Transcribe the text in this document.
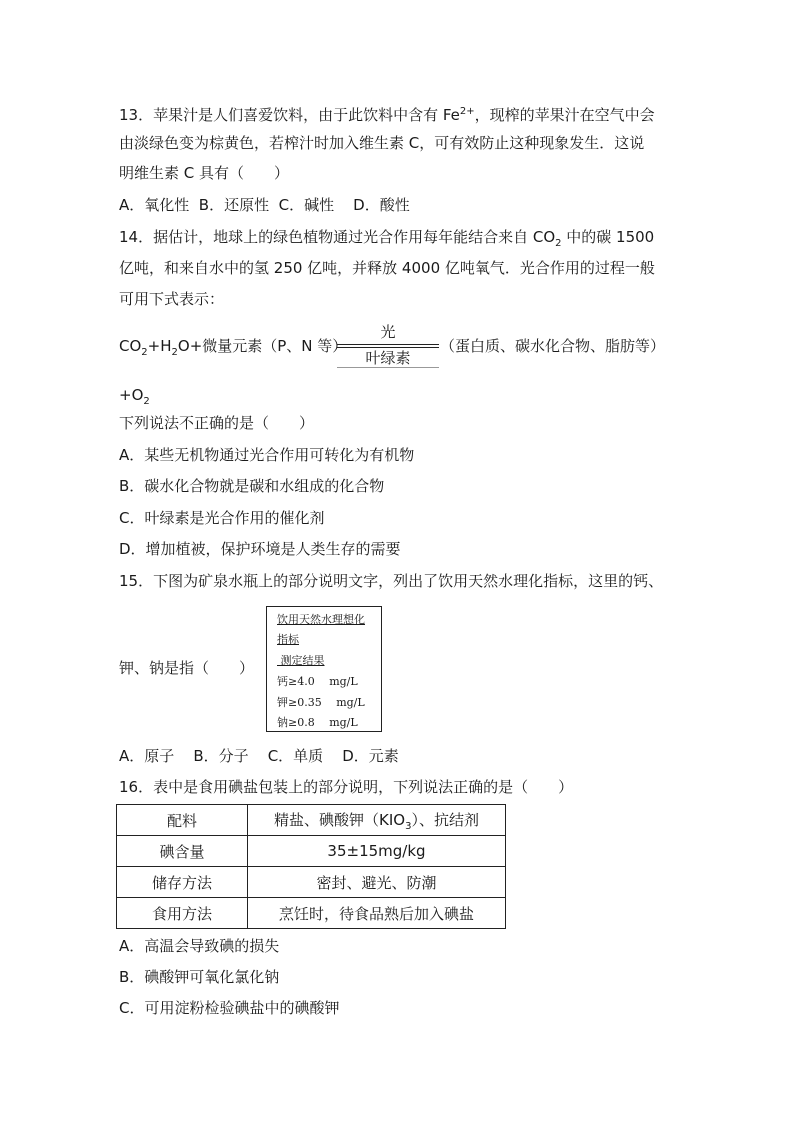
13．苹果汁是人们喜爱饮料，由于此饮料中含有 $Fe^{2+}$，现榨的苹果汁在空气中会
由淡绿色变为棕黄色，若榨汁时加入维生素 C，可有效防止这种现象发生．这说
明维生素 C 具有（　　）
A．氧化性  B．还原性  C．碱性    D．酸性
14．据估计，地球上的绿色植物通过光合作用每年能结合来自 $CO_2$ 中的碳 1500
亿吨，和来自水中的氢 250 亿吨，并释放 4000 亿吨氧气．光合作用的过程一般
可用下式表示：
$CO_2+H_2O+$微量元素（P、N 等）
光
叶绿素
（蛋白质、碳水化合物、脂肪等）
$+O_2$
下列说法不正确的是（　　）
A．某些无机物通过光合作用可转化为有机物
B．碳水化合物就是碳和水组成的化合物
C．叶绿素是光合作用的催化剂
D．增加植被，保护环境是人类生存的需要
15．下图为矿泉水瓶上的部分说明文字，列出了饮用天然水理化指标，这里的钙、
钾、钠是指（　　）
饮用天然水理想化
指标
测定结果
钙≥4.0　 mg/L
钾≥0.35　 mg/L
钠≥0.8　 mg/L
A．原子    B．分子    C．单质    D．元素
16．表中是食用碘盐包装上的部分说明，下列说法正确的是（　　）
配料	精盐、碘酸钾$(KIO_3)$、抗结剂
碘含量	35±15mg/kg
储存方法	密封、避光、防潮
食用方法	烹饪时，待食品熟后加入碘盐
A．高温会导致碘的损失
B．碘酸钾可氧化氯化钠
C．可用淀粉检验碘盐中的碘酸钾
